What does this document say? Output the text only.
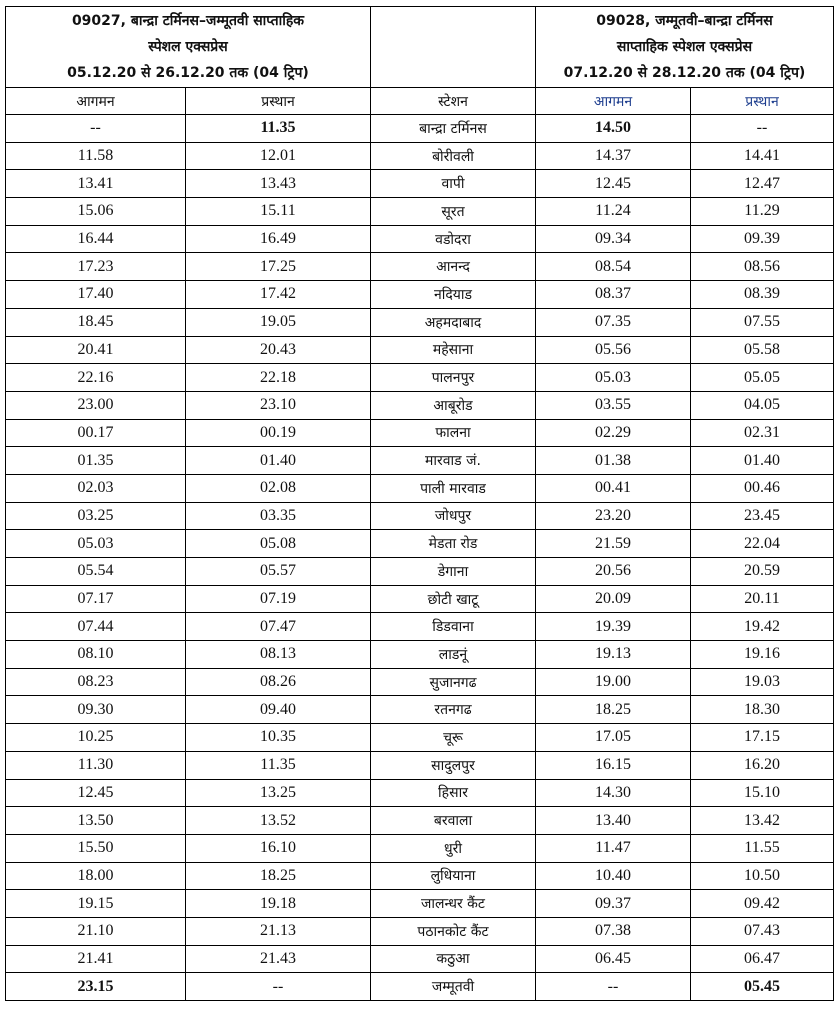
09027, बान्द्रा टर्मिनस–जम्मूतवी साप्ताहिक
स्पेशल एक्सप्रेस
05.12.20 से 26.12.20 तक (04 ट्रिप)			09028, जम्मूतवी–बान्द्रा टर्मिनस
साप्ताहिक स्पेशल एक्सप्रेस
07.12.20 से 28.12.20 तक (04 ट्रिप)	

आगमन	प्रस्थान	स्टेशन	आगमन	प्रस्थान
--	11.35	बान्द्रा टर्मिनस	14.50	--
11.58	12.01	बोरीवली	14.37	14.41
13.41	13.43	वापी	12.45	12.47
15.06	15.11	सूरत	11.24	11.29
16.44	16.49	वडोदरा	09.34	09.39
17.23	17.25	आनन्द	08.54	08.56
17.40	17.42	नदियाड	08.37	08.39
18.45	19.05	अहमदाबाद	07.35	07.55
20.41	20.43	महेसाना	05.56	05.58
22.16	22.18	पालनपुर	05.03	05.05
23.00	23.10	आबूरोड	03.55	04.05
00.17	00.19	फालना	02.29	02.31
01.35	01.40	मारवाड जं.	01.38	01.40
02.03	02.08	पाली मारवाड	00.41	00.46
03.25	03.35	जोधपुर	23.20	23.45
05.03	05.08	मेडता रोड	21.59	22.04
05.54	05.57	डेगाना	20.56	20.59
07.17	07.19	छोटी खाटू	20.09	20.11
07.44	07.47	डिडवाना	19.39	19.42
08.10	08.13	लाडनूं	19.13	19.16
08.23	08.26	सुजानगढ	19.00	19.03
09.30	09.40	रतनगढ	18.25	18.30
10.25	10.35	चूरू	17.05	17.15
11.30	11.35	सादुलपुर	16.15	16.20
12.45	13.25	हिसार	14.30	15.10
13.50	13.52	बरवाला	13.40	13.42
15.50	16.10	धुरी	11.47	11.55
18.00	18.25	लुधियाना	10.40	10.50
19.15	19.18	जालन्धर कैंट	09.37	09.42
21.10	21.13	पठानकोट कैंट	07.38	07.43
21.41	21.43	कठुआ	06.45	06.47
23.15	--	जम्मूतवी	--	05.45
